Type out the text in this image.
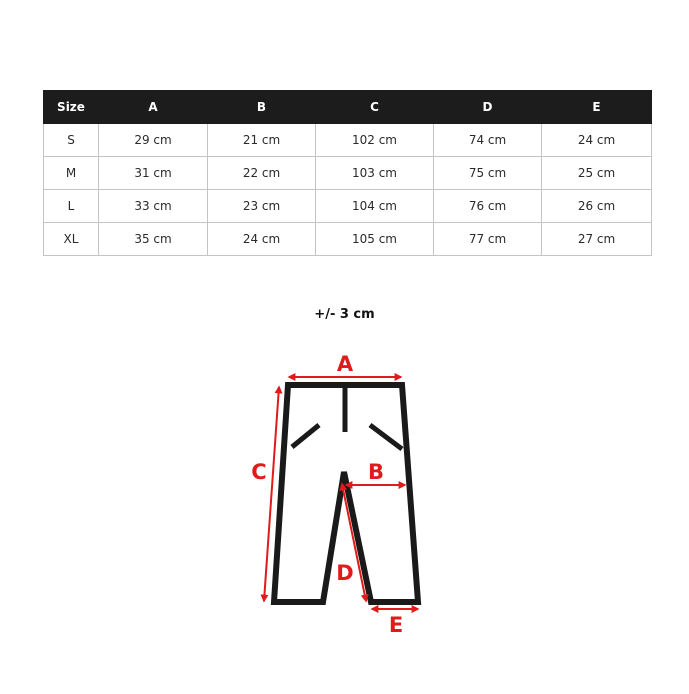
Size	A	B	C	D	E
S	29 cm	21 cm	102 cm	74 cm	24 cm
M	31 cm	22 cm	103 cm	75 cm	25 cm
L	33 cm	23 cm	104 cm	76 cm	26 cm
XL	35 cm	24 cm	105 cm	77 cm	27 cm
+/- 3 cm
A
B
C
D
E
